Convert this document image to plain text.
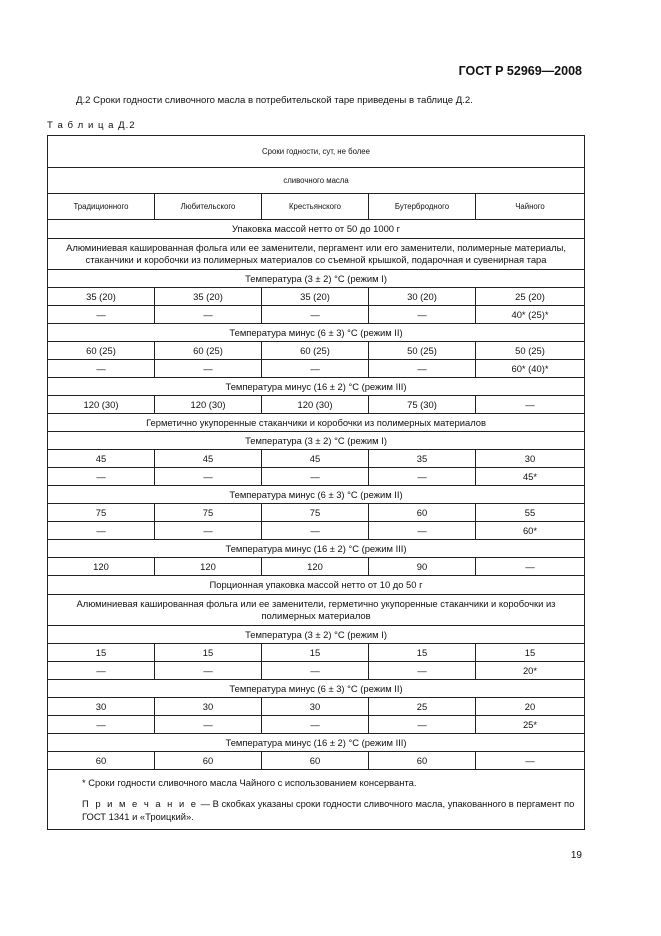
ГОСТ Р 52969—2008
Д.2 Сроки годности сливочного масла в потребительской таре приведены в таблице Д.2.
Т а б л и ц а Д.2
Сроки годности, сут, не более				
сливочного масла				
Традиционного	Любительского	Крестьянского	Бутербродного	Чайного
Упаковка массой нетто от 50 до 1000 г				
Алюминиевая кашированная фольга или ее заменители, пергамент или его заменители, полимерные материалы, стаканчики и коробочки из полимерных материалов со съемной крышкой, подарочная и сувенирная тара				
Температура (3 ± 2) °С (режим I)				
35 (20)	35 (20)	35 (20)	30 (20)	25 (20)
—	—	—	—	40* (25)*
Температура минус (6 ± 3) °С (режим II)				
60 (25)	60 (25)	60 (25)	50 (25)	50 (25)
—	—	—	—	60* (40)*
Температура минус (16 ± 2) °С (режим III)				
120 (30)	120 (30)	120 (30)	75 (30)	—
Герметично укупоренные стаканчики и коробочки из полимерных материалов				
Температура (3 ± 2) °С (режим I)				
45	45	45	35	30
—	—	—	—	45*
Температура минус (6 ± 3) °С (режим II)				
75	75	75	60	55
—	—	—	—	60*
Температура минус (16 ± 2) °С (режим III)				
120	120	120	90	—
Порционная упаковка массой нетто от 10 до 50 г				
Алюминиевая кашированная фольга или ее заменители, герметично укупоренные стаканчики и коробочки из полимерных материалов				
Температура (3 ± 2) °С (режим I)				
15	15	15	15	15
—	—	—	—	20*
Температура минус (6 ± 3) °С (режим II)				
30	30	30	25	20
—	—	—	—	25*
Температура минус (16 ± 2) °С (режим III)				
60	60	60	60	—

* Сроки годности сливочного масла Чайного с использованием консерванта.
П р и м е ч а н и е — В скобках указаны сроки годности сливочного масла, упакованного в пергамент по ГОСТ 1341 и «Троицкий».				
19
